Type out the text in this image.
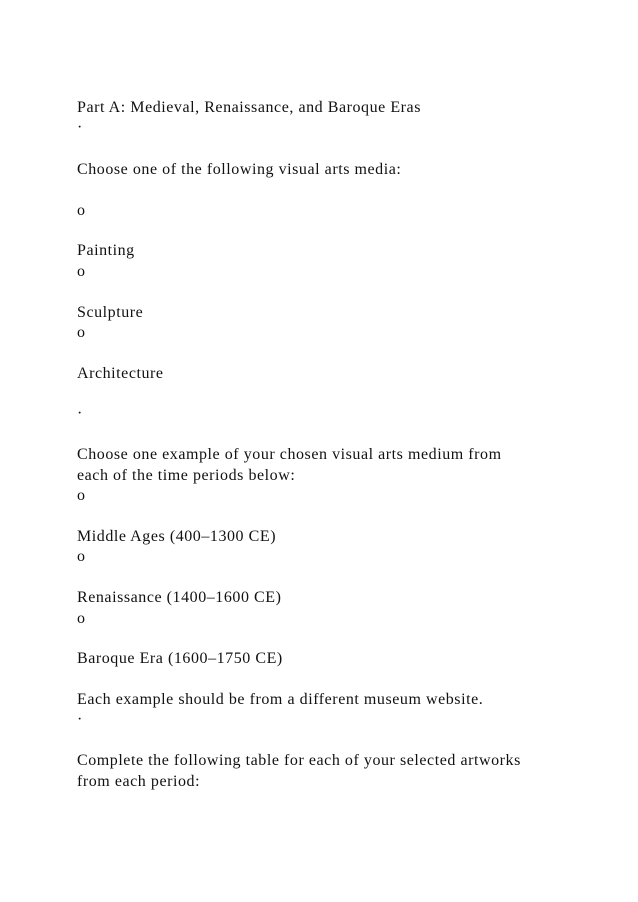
Part A: Medieval, Renaissance, and Baroque Eras

·

Choose one of the following visual arts media:

o

Painting

o

Sculpture

o

Architecture

·

Choose one example of your chosen visual arts medium from

each of the time periods below:

o

Middle Ages (400–1300 CE)

o

Renaissance (1400–1600 CE)

o

Baroque Era (1600–1750 CE)

Each example should be from a different museum website.

·

Complete the following table for each of your selected artworks

from each period:
